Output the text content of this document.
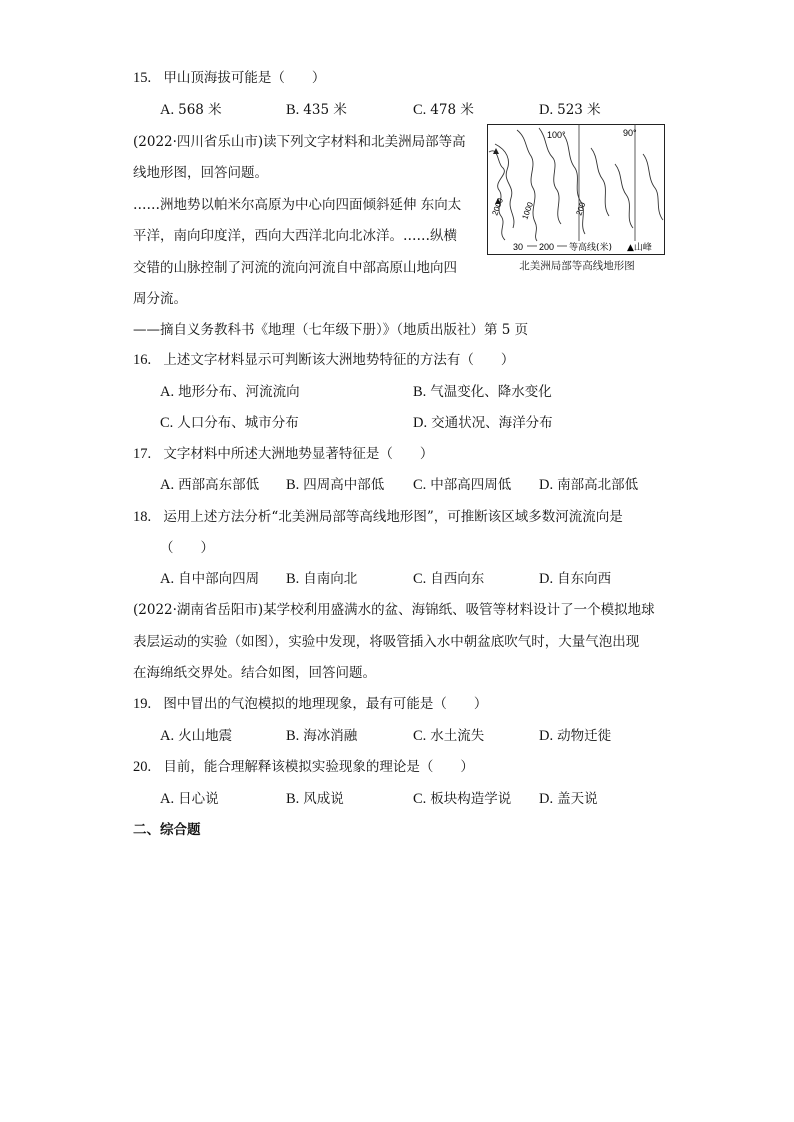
15. 甲山顶海拔可能是（　　）
A. 568 米	B. 435 米	C. 478 米	D. 523 米
(2022·四川省乐山市)读下列文字材料和北美洲局部等高
线地形图，回答问题。
……洲地势以帕米尔高原为中心向四面倾斜延伸 东向太
平洋，南向印度洋，西向大西洋北向北冰洋。……纵横
交错的山脉控制了河流的流向河流自中部高原山地向四
周分流。
——摘自义务教科书《地理（七年级下册）》（地质出版社）第 5 页
100°	90°
2000 1000	200
30 200 等高线(米) ▲山峰
北美洲局部等高线地形图
16. 上述文字材料显示可判断该大洲地势特征的方法有（　　）
A. 地形分布、河流流向	B. 气温变化、降水变化
C. 人口分布、城市分布	D. 交通状况、海洋分布
17. 文字材料中所述大洲地势显著特征是（　　）
A. 西部高东部低 B. 四周高中部低 C. 中部高四周低 D. 南部高北部低
18. 运用上述方法分析“北美洲局部等高线地形图”，可推断该区域多数河流流向是
（　　）
A. 自中部向四周 B. 自南向北	C. 自西向东	D. 自东向西
(2022·湖南省岳阳市)某学校利用盛满水的盆、海锦纸、吸管等材料设计了一个模拟地球
表层运动的实验（如图），实验中发现，将吸管插入水中朝盆底吹气时，大量气泡出现
在海绵纸交界处。结合如图，回答问题。
19. 图中冒出的气泡模拟的地理现象，最有可能是（　　）
A. 火山地震	B. 海冰消融	C. 水土流失	D. 动物迁徙
20. 目前，能合理解释该模拟实验现象的理论是（　　）
A. 日心说	B. 风成说	C. 板块构造学说 D. 盖天说
二、综合题
